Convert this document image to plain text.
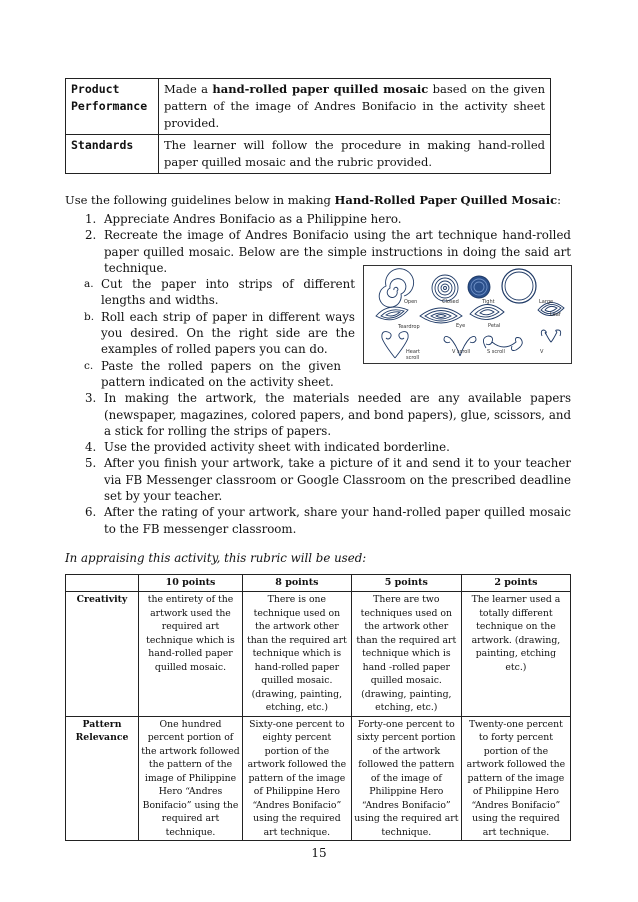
Product Performance	Made a hand-rolled paper quilled mosaic based on the given pattern of the image of Andres Bonifacio in the activity sheet provided.
Standards	The learner will follow the procedure in making hand-rolled paper quilled mosaic and the rubric provided.
Use the following guidelines below in making Hand-Rolled Paper Quilled Mosaic:
1. Appreciate Andres Bonifacio as a Philippine hero.
2. Recreate the image of Andres Bonifacio using the art technique hand-rolled paper quilled mosaic. Below are the simple instructions in doing the said art technique.
a. Cut the paper into strips of different lengths and widths.
b. Roll each strip of paper in different ways you desired. On the right side are the examples of rolled papers you can do.
c. Paste the rolled papers on the given pattern indicated on the activity sheet.
3. In making the artwork, the materials needed are any available papers (newspaper, magazines, colored papers, and bond papers), glue, scissors, and a stick for rolling the strips of papers.
4. Use the provided activity sheet with indicated borderline.
5. After you finish your artwork, take a picture of it and send it to your teacher via FB Messenger classroom or Google Classroom on the prescribed deadline set by your teacher.
6. After the rating of your artwork, share your hand-rolled paper quilled mosaic to the FB messenger classroom.
Open	Closed	Tight	Large
Leaf
Teardrop	Eye	Petal
Heart
scroll
V scroll	S scroll	V
In appraising this activity, this rubric will be used:
	10 points	8 points	5 points	2 points
Creativity	the entirety of the artwork used the required art technique which is hand-rolled paper quilled mosaic.	There is one technique used on the artwork other than the required art technique which is hand-rolled paper quilled mosaic. (drawing, painting, etching, etc.)	There are two techniques used on the artwork other than the required art technique which is hand -rolled paper quilled mosaic. (drawing, painting, etching, etc.)	The learner used a totally different technique on the artwork. (drawing, painting, etching etc.)
Pattern Relevance	One hundred percent portion of the artwork followed the pattern of the image of Philippine Hero “Andres Bonifacio” using the required art technique.	Sixty-one percent to eighty percent portion of the artwork followed the pattern of the image of Philippine Hero “Andres Bonifacio” using the required art technique.	Forty-one percent to sixty percent portion of the artwork followed the pattern of the image of Philippine Hero “Andres Bonifacio” using the required art technique.	Twenty-one percent to forty percent portion of the artwork followed the pattern of the image of Philippine Hero “Andres Bonifacio” using the required art technique.
15
